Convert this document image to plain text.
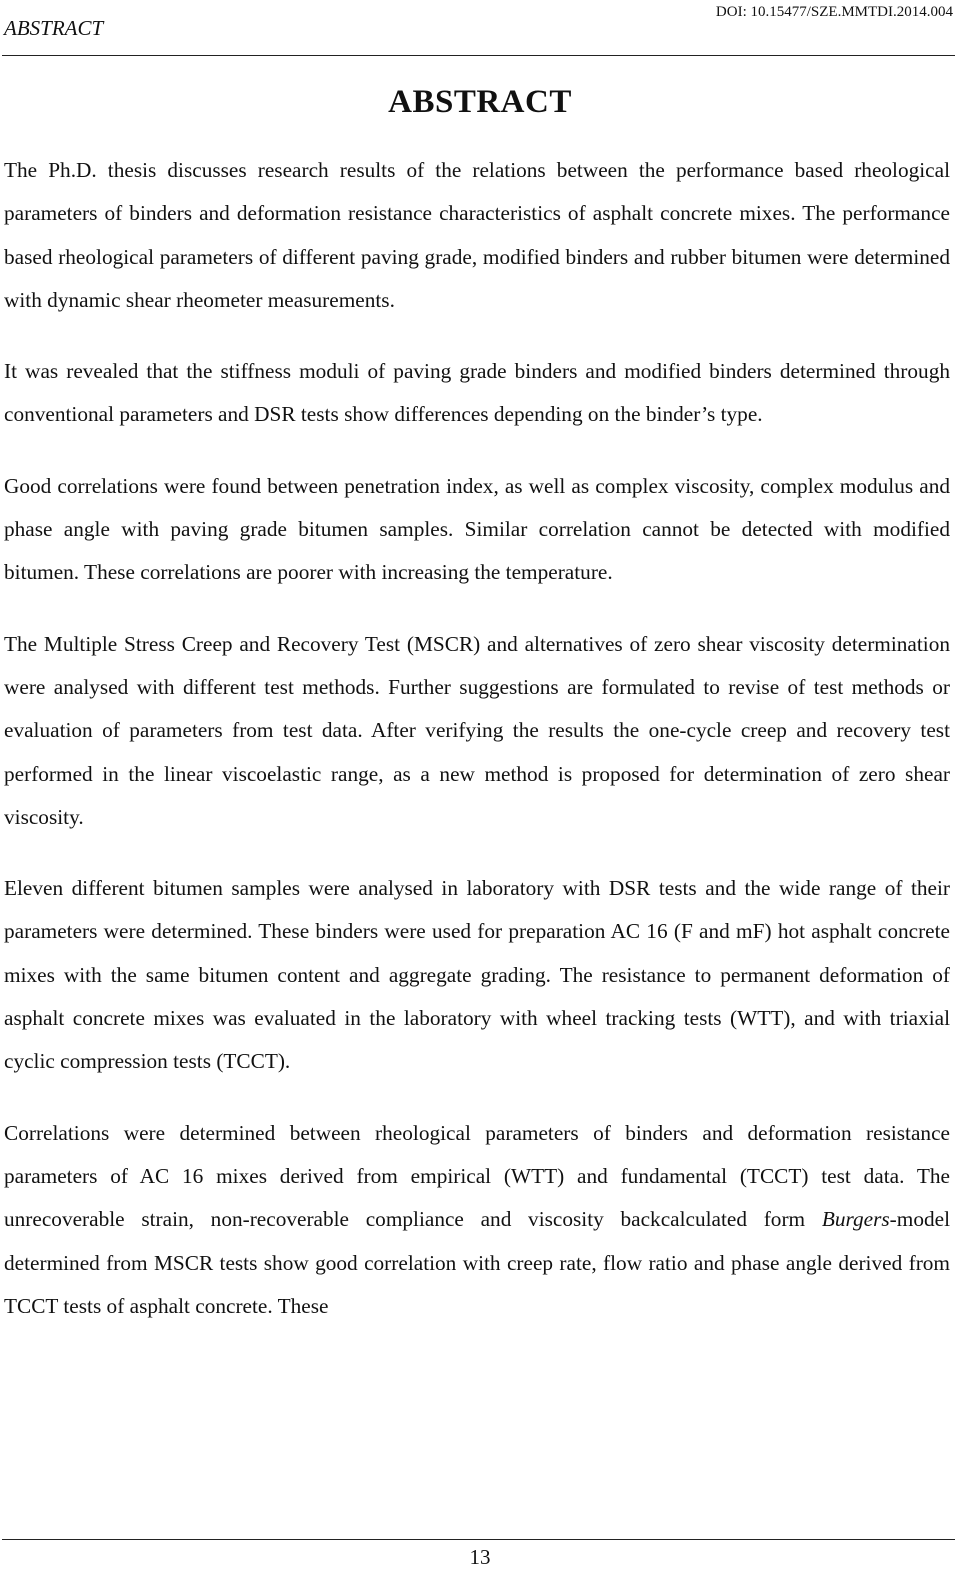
ABSTRACT
DOI: 10.15477/SZE.MMTDI.2014.004
ABSTRACT

The Ph.D. thesis discusses research results of the relations between the performance based rheological parameters of binders and deformation resistance characteristics of asphalt concrete mixes. The performance based rheological parameters of different paving grade, modified binders and rubber bitumen were determined with dynamic shear rheometer measurements.

It was revealed that the stiffness moduli of paving grade binders and modified binders determined through conventional parameters and DSR tests show differences depending on the binder’s type.

Good correlations were found between penetration index, as well as complex viscosity, complex modulus and phase angle with paving grade bitumen samples. Similar correlation cannot be detected with modified bitumen. These correlations are poorer with increasing the temperature.

The Multiple Stress Creep and Recovery Test (MSCR) and alternatives of zero shear viscosity determination were analysed with different test methods. Further suggestions are formulated to revise of test methods or evaluation of parameters from test data. After verifying the results the one-cycle creep and recovery test performed in the linear viscoelastic range, as a new method is proposed for determination of zero shear viscosity.

Eleven different bitumen samples were analysed in laboratory with DSR tests and the wide range of their parameters were determined. These binders were used for preparation AC 16 (F and mF) hot asphalt concrete mixes with the same bitumen content and aggregate grading. The resistance to permanent deformation of asphalt concrete mixes was evaluated in the laboratory with wheel tracking tests (WTT), and with triaxial cyclic compression tests (TCCT).

Correlations were determined between rheological parameters of binders and deformation resistance parameters of AC 16 mixes derived from empirical (WTT) and fundamental (TCCT) test data. The unrecoverable strain, non-recoverable compliance and viscosity backcalculated form Burgers-model determined from MSCR tests show good correlation with creep rate, flow ratio and phase angle derived from TCCT tests of asphalt concrete. These

13
